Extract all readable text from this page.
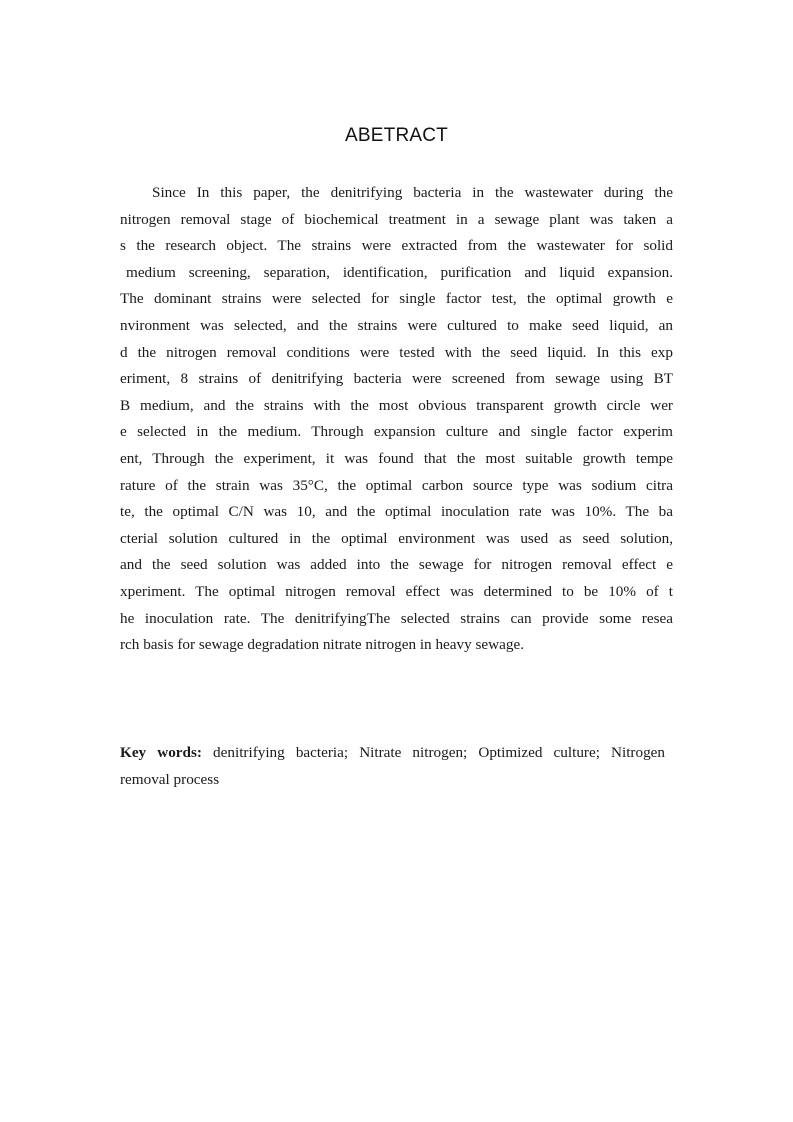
ABETRACT
Since In this paper, the denitrifying bacteria in the wastewater during the
nitrogen removal stage of biochemical treatment in a sewage plant was taken a
s the research object. The strains were extracted from the wastewater for solid
medium screening, separation, identification, purification and liquid expansion.
The dominant strains were selected for single factor test, the optimal growth e
nvironment was selected, and the strains were cultured to make seed liquid, an
d the nitrogen removal conditions were tested with the seed liquid. In this exp
eriment, 8 strains of denitrifying bacteria were screened from sewage using BT
B medium, and the strains with the most obvious transparent growth circle wer
e selected in the medium. Through expansion culture and single factor experim
ent, Through the experiment, it was found that the most suitable growth tempe
rature of the strain was 35°C, the optimal carbon source type was sodium citra
te, the optimal C/N was 10, and the optimal inoculation rate was 10%. The ba
cterial solution cultured in the optimal environment was used as seed solution,
and the seed solution was added into the sewage for nitrogen removal effect e
xperiment. The optimal nitrogen removal effect was determined to be 10% of t
he inoculation rate. The denitrifyingThe selected strains can provide some resea
rch basis for sewage degradation nitrate nitrogen in heavy sewage.
Key words: denitrifying bacteria; Nitrate nitrogen; Optimized culture; Nitrogen
removal process
